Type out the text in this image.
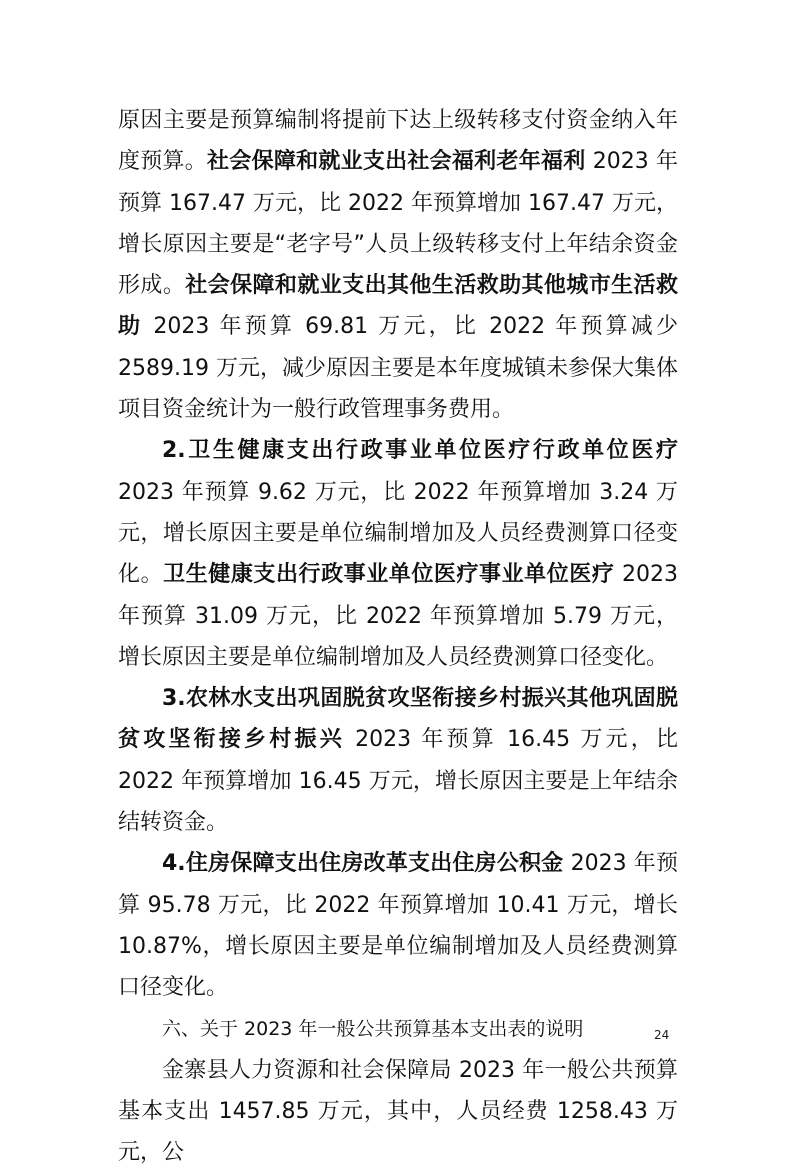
原因主要是预算编制将提前下达上级转移支付资金纳入年度预算。社会保障和就业支出社会福利老年福利 2023 年预算 167.47 万元，比 2022 年预算增加 167.47 万元，增长原因主要是“老字号”人员上级转移支付上年结余资金形成。社会保障和就业支出其他生活救助其他城市生活救助 2023 年预算 69.81 万元，比 2022 年预算减少 2589.19 万元，减少原因主要是本年度城镇未参保大集体项目资金统计为一般行政管理事务费用。

2.卫生健康支出行政事业单位医疗行政单位医疗 2023 年预算 9.62 万元，比 2022 年预算增加 3.24 万元，增长原因主要是单位编制增加及人员经费测算口径变化。卫生健康支出行政事业单位医疗事业单位医疗 2023 年预算 31.09 万元，比 2022 年预算增加 5.79 万元，增长原因主要是单位编制增加及人员经费测算口径变化。

3.农林水支出巩固脱贫攻坚衔接乡村振兴其他巩固脱贫攻坚衔接乡村振兴 2023 年预算 16.45 万元，比 2022 年预算增加 16.45 万元，增长原因主要是上年结余结转资金。

4.住房保障支出住房改革支出住房公积金 2023 年预算 95.78 万元，比 2022 年预算增加 10.41 万元，增长 10.87%，增长原因主要是单位编制增加及人员经费测算口径变化。

六、关于 2023 年一般公共预算基本支出表的说明

金寨县人力资源和社会保障局 2023 年一般公共预算基本支出 1457.85 万元，其中，人员经费 1258.43 万元，公

24
